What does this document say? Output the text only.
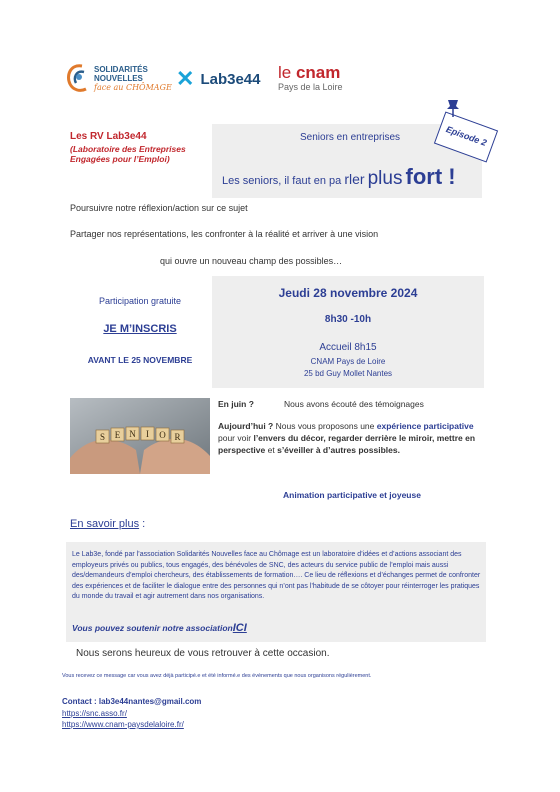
SOLIDARITÉS
NOUVELLES
face au CHÔMAGE ✕ Lab3e44 le cnam
Pays de la Loire
Les RV Lab3e44
(Laboratoire des Entreprises Engagées pour l’Emploi)
Seniors en entreprises
Les seniors, il faut en pa rler plus fort !
Episode 2
Poursuivre notre réflexion/action sur ce sujet
Partager nos représentations, les confronter à la réalité et arriver à une vision
qui ouvre un nouveau champ des possibles…
Participation gratuite
JE M’INSCRIS
AVANT LE 25 NOVEMBRE
Jeudi 28 novembre 2024
8h30 -10h
Accueil 8h15
CNAM Pays de Loire
25 bd Guy Mollet Nantes
S E N I O R
En juin ?	Nous avons écouté des témoignages
Aujourd’hui ? Nous vous proposons une expérience participative pour voir l’envers du décor, regarder derrière le miroir, mettre en perspective et s’éveiller à d’autres possibles.
Animation participative et joyeuse
En savoir plus :
Le Lab3e, fondé par l’association Solidarités Nouvelles face au Chômage est un laboratoire d’idées et d’actions associant des employeurs privés ou publics, tous engagés, des bénévoles de SNC, des acteurs du service public de l’emploi mais aussi des/demandeurs d’emploi chercheurs, des établissements de formation…. Ce lieu de réflexions et d’échanges permet de confronter des expériences et de faciliter le dialogue entre des personnes qui n’ont pas l’habitude de se côtoyer pour réinterroger les pratiques du monde du travail et agir autrement dans nos organisations.
Vous pouvez soutenir notre associationICI
Nous serons heureux de vous retrouver à cette occasion.
Vous recevez ce message car vous avez déjà participé.e et été informé.e des évènements que nous organisons régulièrement.
Contact : lab3e44nantes@gmail.com
https://snc.asso.fr/
https://www.cnam-paysdelaloire.fr/
